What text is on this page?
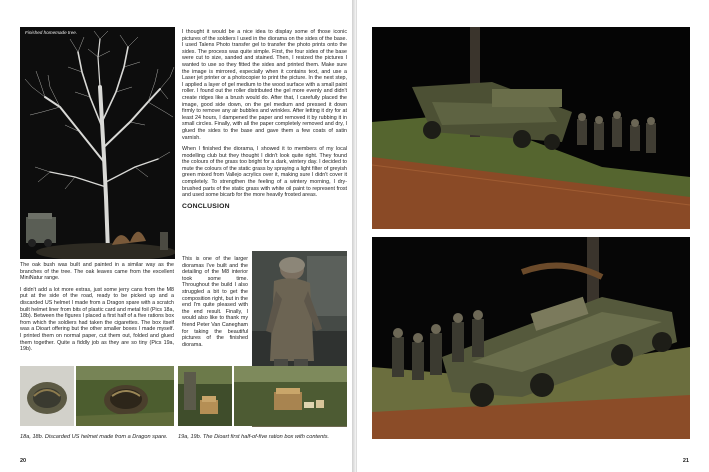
Finished homemade tree.

The oak bush was built and painted in a similar way as the branches of the tree. The oak leaves came from the excellent MiniNatur range.

I didn't add a lot more extras, just some jerry cans from the M8 put at the side of the road, ready to be picked up and a discarded US helmet I made from a Dragon spare with a scratch built helmet liner from bits of plastic card and metal foil (Pics 18a, 18b). Between the figures I placed a first half of a five rations box from which the soldiers had taken the cigarettes. The box itself was a Dioart offering but the other smaller boxes I made myself. I printed them on normal paper, cut them out, folded and glued them together. Quite a fiddly job as they are so tiny (Pics 19a, 19b).

I thought it would be a nice idea to display some of those iconic pictures of the soldiers I used in the diorama on the sides of the base. I used Talens Photo transfer gel to transfer the photo prints onto the sides. The process was quite simple. First, the four sides of the base were cut to size, sanded and stained. Then, I resized the pictures I wanted to use so they fitted the sides and printed them. Make sure the image is mirrored, especially when it contains text, and use a Laser jet printer or a photocopier to print the picture. In the next step, I applied a layer of gel medium to the wood surface with a small paint roller. I found out the roller distributed the gel more evenly and didn't create ridges like a brush would do. After that, I carefully placed the image, good side down, on the gel medium and pressed it down firmly to remove any air bubbles and wrinkles. After letting it dry for at least 24 hours, I dampened the paper and removed it by rubbing it in small circles. Finally, with all the paper completely removed and dry, I glued the sides to the base and gave them a few coats of satin varnish.

When I finished the diorama, I showed it to members of my local modelling club but they thought I didn't look quite right. They found the colours of the grass too bright for a dark, wintery day. I decided to mute the colours of the static grass by spraying a light filter of greyish green mixed from Vallejo acrylics over it, making sure I didn't cover it completely. To strengthen the feeling of a wintery morning, I dry-brushed parts of the static grass with white oil paint to represent frost and used some bicarb for the more heavily frosted areas.

CONCLUSION

This is one of the larger dioramas I've built and the detailing of the M8 interior took some time. Throughout the build I also struggled a bit to get the composition right, but in the end I'm quite pleased with the end result. Finally, I would also like to thank my friend Peter Van Canegham for taking the beautiful pictures of the finished diorama.

18a, 18b. Discarded US helmet made from a Dragon spare.	19a, 19b. The Dioart first half-of-five ration box with contents.
20	21
